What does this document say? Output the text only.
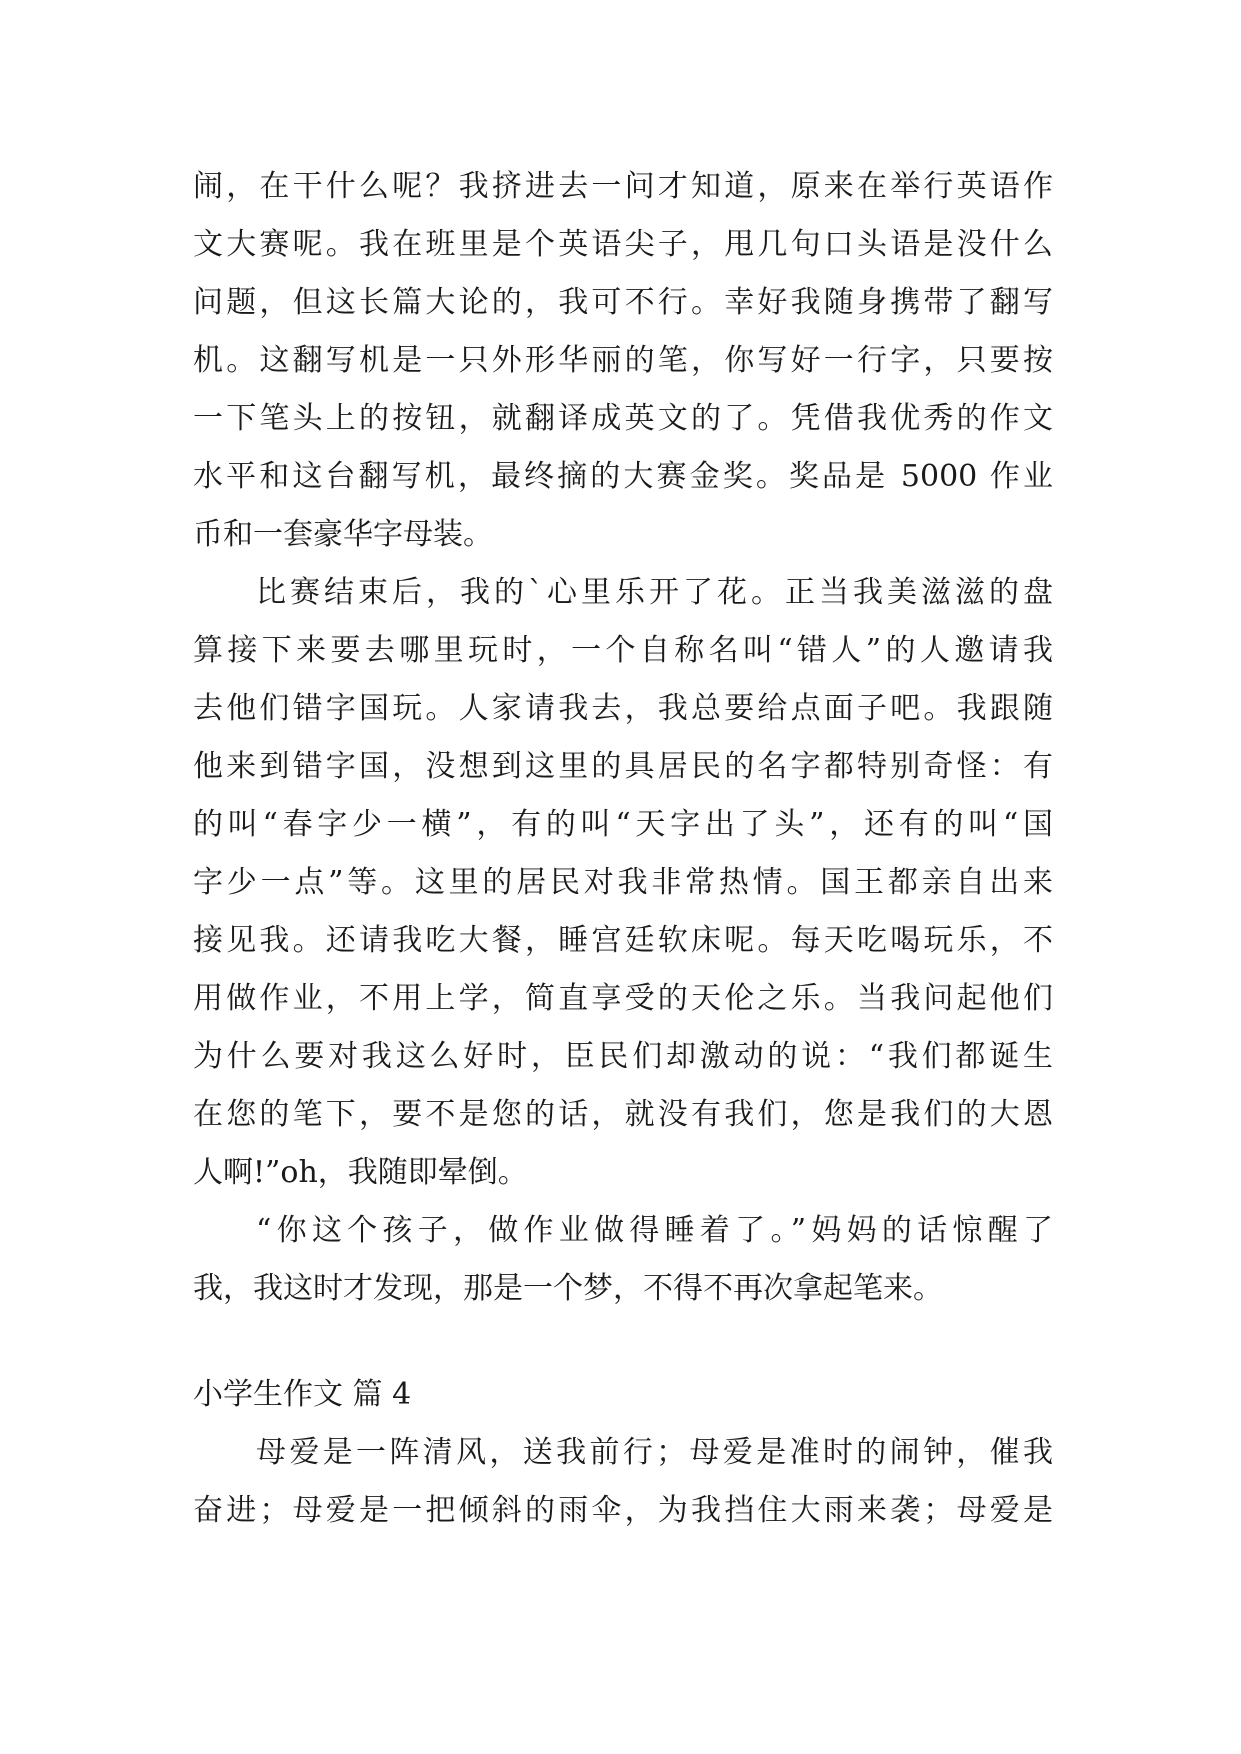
闹，在干什么呢？我挤进去一问才知道，原来在举行英语作
文大赛呢。我在班里是个英语尖子，甩几句口头语是没什么
问题，但这长篇大论的，我可不行。幸好我随身携带了翻写
机。这翻写机是一只外形华丽的笔，你写好一行字，只要按
一下笔头上的按钮，就翻译成英文的了。凭借我优秀的作文
水平和这台翻写机，最终摘的大赛金奖。奖品是 5000 作业
币和一套豪华字母装。
比赛结束后，我的`心里乐开了花。正当我美滋滋的盘
算接下来要去哪里玩时，一个自称名叫“错人”的人邀请我
去他们错字国玩。人家请我去，我总要给点面子吧。我跟随
他来到错字国，没想到这里的具居民的名字都特别奇怪：有
的叫“春字少一横”，有的叫“天字出了头”，还有的叫“国
字少一点”等。这里的居民对我非常热情。国王都亲自出来
接见我。还请我吃大餐，睡宫廷软床呢。每天吃喝玩乐，不
用做作业，不用上学，简直享受的天伦之乐。当我问起他们
为什么要对我这么好时，臣民们却激动的说：“我们都诞生
在您的笔下，要不是您的话，就没有我们，您是我们的大恩
人啊!”oh，我随即晕倒。
“你这个孩子，做作业做得睡着了。”妈妈的话惊醒了
我，我这时才发现，那是一个梦，不得不再次拿起笔来。
小学生作文 篇 4
母爱是一阵清风，送我前行；母爱是准时的闹钟，催我
奋进；母爱是一把倾斜的雨伞，为我挡住大雨来袭；母爱是
